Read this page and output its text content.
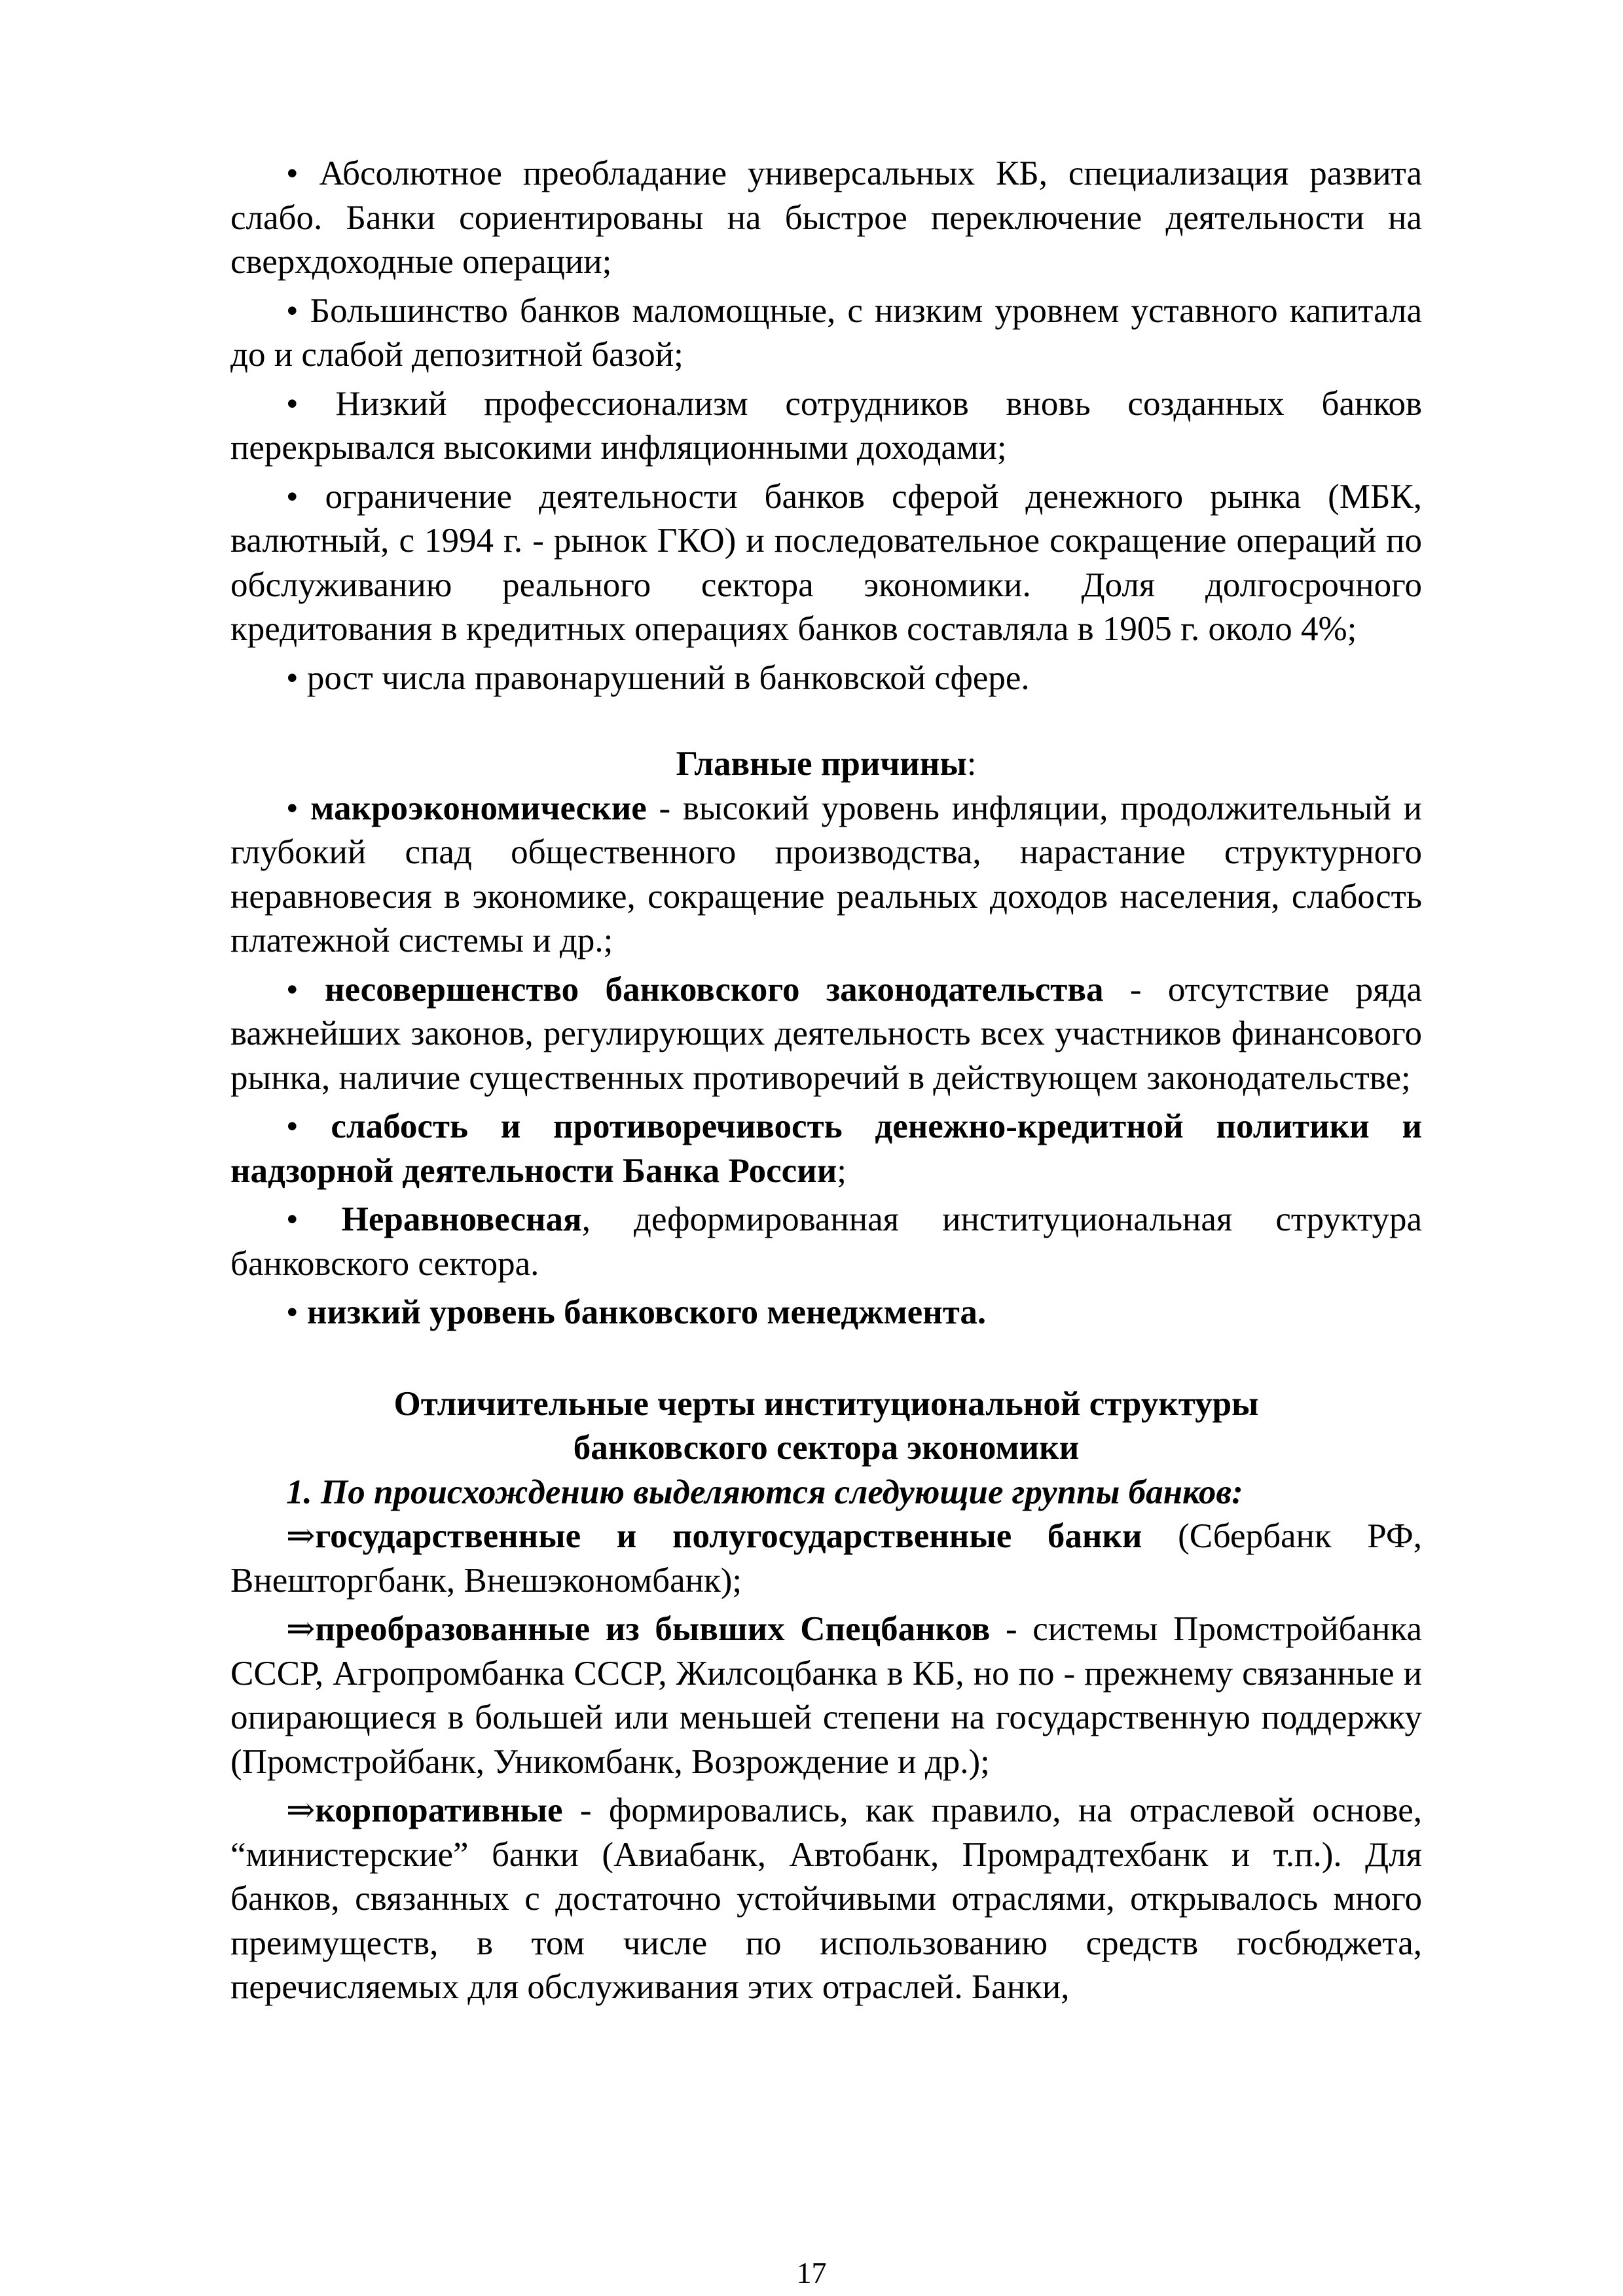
• Абсолютное преобладание универсальных КБ, специализация развита слабо. Банки сориентированы на быстрое переключение деятельности на сверхдоходные операции;

• Большинство банков маломощные, с низким уровнем уставного капитала до и слабой депозитной базой;

• Низкий профессионализм сотрудников вновь созданных банков перекрывался высокими инфляционными доходами;

• ограничение деятельности банков сферой денежного рынка (МБК, валютный, с 1994 г. - рынок ГКО) и последовательное сокращение операций по обслуживанию реального сектора экономики. Доля долгосрочного кредитования в кредитных операциях банков составляла в 1905 г. около 4%;

• рост числа правонарушений в банковской сфере.

Главные причины:

• макроэкономические - высокий уровень инфляции, продолжительный и глубокий спад общественного производства, нарастание структурного неравновесия в экономике, сокращение реальных доходов населения, слабость платежной системы и др.;

• несовершенство банковского законодательства - отсутствие ряда важнейших законов, регулирующих деятельность всех участников финансового рынка, наличие существенных противоречий в действующем законодательстве;

• слабость и противоречивость денежно-кредитной политики и надзорной деятельности Банка России;

• Неравновесная, деформированная институциональная структура банковского сектора.

• низкий уровень банковского менеджмента.

Отличительные черты институциональной структуры
банковского сектора экономики

1. По происхождению выделяются следующие группы банков:

⇒государственные и полугосударственные банки (Сбербанк РФ, Внешторгбанк, Внешэкономбанк);

⇒преобразованные из бывших Спецбанков - системы Промстройбанка СССР, Агропромбанка СССР, Жилсоцбанка в КБ, но по - прежнему связанные и опирающиеся в большей или меньшей степени на государственную поддержку (Промстройбанк, Уникомбанк, Возрождение и др.);

⇒корпоративные - формировались, как правило, на отраслевой основе, “министерские” банки (Авиабанк, Автобанк, Промрадтехбанк и т.п.). Для банков, связанных с достаточно устойчивыми отраслями, открывалось много преимуществ, в том числе по использованию средств госбюджета, перечисляемых для обслуживания этих отраслей. Банки,

17
